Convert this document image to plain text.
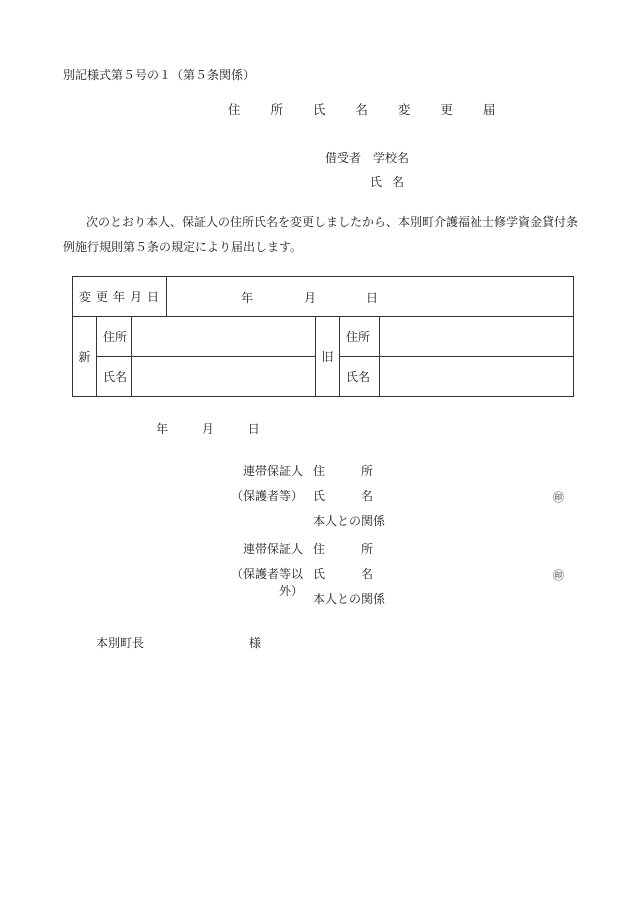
別記様式第５号の１（第５条関係）
住 所 氏 名 変 更 届
借受者 学校名
氏名
次のとおり本人、保証人の住所氏名を変更しましたから、本別町介護福祉士修学資金貸付条例施行規則第５条の規定により届出します。
変更年月日			年 月 日			

新	住所			旧	住所	
	氏名				氏名	
年	月	日
連帯保証人 住　　　所
（保護者等） 氏　　　名
本人との関係
㊞
連帯保証人 住　　　所
（保護者等以外）
氏　　　名
本人との関係
㊞
本別町長	様
